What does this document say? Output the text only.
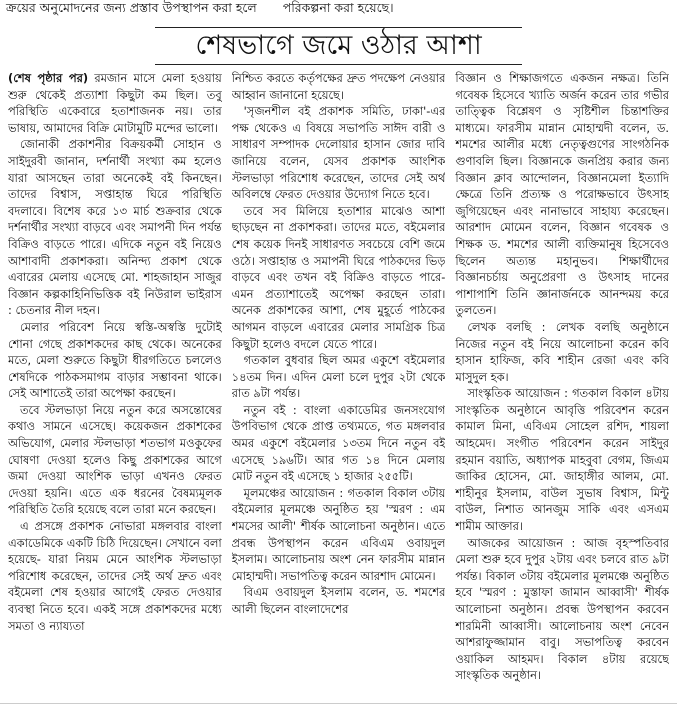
ক্রয়ের অনুমোদনের জন্য প্রস্তাব উপস্থাপন করা হলে পরিকল্পনা করা হয়েছে।
শেষভাগে জমে ওঠার আশা

(শেষ পৃষ্ঠার পর) রমজান মাসে মেলা হওয়ায় শুরু থেকেই প্রত্যাশা কিছুটা কম ছিল। তবু পরিস্থিতি একেবারে হতাশাজনক নয়। তার ভাষায়, আমাদের বিক্রি মোটামুটি মন্দের ভালো।

জোনাকী প্রকাশনীর বিক্রয়কর্মী সোহান ও সাইদুরবী জানান, দর্শনার্থী সংখ্যা কম হলেও যারা আসছেন তারা অনেকেই বই কিনছেন। তাদের বিশ্বাস, সপ্তাহান্ত ঘিরে পরিস্থিতি বদলাবে। বিশেষ করে ১৩ মার্চ শুক্রবার থেকে দর্শনার্থীর সংখ্যা বাড়বে এবং সমাপনী দিন পর্যন্ত বিক্রিও বাড়তে পারে। এদিকে নতুন বই নিয়েও আশাবাদী প্রকাশকরা। অনিন্দ্য প্রকাশ থেকে এবারের মেলায় এসেছে মো. শাহজাহান সাজুর বিজ্ঞান কল্পকাহিনিভিত্তিক বই নিউরাল ভাইরাস : চেতনার নীল দহন।

মেলার পরিবেশ নিয়ে স্বস্তি-অস্বস্তি দুটোই শোনা গেছে প্রকাশকদের কাছ থেকে। অনেকের মতে, মেলা শুরুতে কিছুটা ধীরগতিতে চললেও শেষদিকে পাঠকসমাগম বাড়ার সম্ভাবনা থাকে। সেই আশাতেই তারা অপেক্ষা করছেন।

তবে স্টলভাড়া নিয়ে নতুন করে অসন্তোষের কথাও সামনে এসেছে। কয়েকজন প্রকাশকের অভিযোগ, মেলার স্টলভাড়া শতভাগ মওকুফের ঘোষণা দেওয়া হলেও কিছু প্রকাশকের আগে জমা দেওয়া আংশিক ভাড়া এখনও ফেরত দেওয়া হয়নি। এতে এক ধরনের বৈষম্যমূলক পরিস্থিতি তৈরি হয়েছে বলে তারা মনে করছেন।

এ প্রসঙ্গে প্রকাশক নোভারা মঙ্গলবার বাংলা একাডেমিকে একটি চিঠি দিয়েছেন। সেখানে বলা হয়েছে- যারা নিয়ম মেনে আংশিক স্টলভাড়া পরিশোধ করেছেন, তাদের সেই অর্থ দ্রুত এবং বইমেলা শেষ হওয়ার আগেই ফেরত দেওয়ার ব্যবস্থা নিতে হবে। একই সঙ্গে প্রকাশকদের মধ্যে সমতা ও ন্যায্যতা

নিশ্চিত করতে কর্তৃপক্ষের দ্রুত পদক্ষেপ নেওয়ার আহ্বান জানানো হয়েছে।

'সৃজনশীল বই প্রকাশক সমিতি, ঢাকা'-এর পক্ষ থেকেও এ বিষয়ে সভাপতি সাঈদ বারী ও সাধারণ সম্পাদক দেলোয়ার হাসান জোর দাবি জানিয়ে বলেন, যেসব প্রকাশক আংশিক স্টলভাড়া পরিশোধ করেছেন, তাদের সেই অর্থ অবিলম্বে ফেরত দেওয়ার উদ্যোগ নিতে হবে।

তবে সব মিলিয়ে হতাশার মাঝেও আশা ছাড়ছেন না প্রকাশকরা। তাদের মতে, বইমেলার শেষ কয়েক দিনই সাধারণত সবচেয়ে বেশি জমে ওঠে। সপ্তাহান্ত ও সমাপনী ঘিরে পাঠকদের ভিড় বাড়বে এবং তখন বই বিক্রিও বাড়তে পারে- এমন প্রত্যাশাতেই অপেক্ষা করছেন তারা। অনেক প্রকাশকের আশা, শেষ মুহূর্তে পাঠকের আগমন বাড়লে এবারের মেলার সামগ্রিক চিত্র কিছুটা হলেও বদলে যেতে পারে।

গতকাল বুধবার ছিল অমর একুশে বইমেলার ১৪তম দিন। এদিন মেলা চলে দুপুর ২টা থেকে রাত ৯টা পর্যন্ত।

নতুন বই : বাংলা একাডেমির জনসংযোগ উপবিভাগ থেকে প্রাপ্ত তথ্যমতে, গত মঙ্গলবার অমর একুশে বইমেলার ১৩তম দিনে নতুন বই এসেছে ১৯৬টি। আর গত ১৪ দিনে মেলায় মোট নতুন বই এসেছে ১ হাজার ২৫৫টি।

মূলমঞ্চের আয়োজন : গতকাল বিকাল ৩টায় বইমেলার মূলমঞ্চে অনুষ্ঠিত হয় 'স্মরণ : এম শমসের আলী' শীর্ষক আলোচনা অনুষ্ঠান। এতে প্রবন্ধ উপস্থাপন করেন এবিএম ওবায়দুল ইসলাম। আলোচনায় অংশ নেন ফারসীম মান্নান মোহাম্মদী। সভাপতিত্ব করেন আরশাদ মোমেন।

বিএম ওবায়দুল ইসলাম বলেন, ড. শমশের আলী ছিলেন বাংলাদেশের

বিজ্ঞান ও শিক্ষাজগতে একজন নক্ষত্র। তিনি গবেষক হিসেবে খ্যাতি অর্জন করেন তার গভীর তাত্ত্বিক বিশ্লেষণ ও সৃষ্টিশীল চিন্তাশক্তির মাধ্যমে। ফারসীম মান্নান মোহাম্মদী বলেন, ড. শমশের আলীর মধ্যে নেতৃত্বগুণের সাংগঠনিক গুণাবলি ছিল। বিজ্ঞানকে জনপ্রিয় করার জন্য বিজ্ঞান ক্লাব আন্দোলন, বিজ্ঞানমেলা ইত্যাদি ক্ষেত্রে তিনি প্রত্যক্ষ ও পরোক্ষভাবে উৎসাহ জুগিয়েছেন এবং নানাভাবে সাহায্য করেছেন। আরশাদ মোমেন বলেন, বিজ্ঞান গবেষক ও শিক্ষক ড. শমশের আলী ব্যক্তিমানুষ হিসেবেও ছিলেন অত্যন্ত মহানুভব। শিক্ষার্থীদের বিজ্ঞানচর্চায় অনুপ্রেরণা ও উৎসাহ দানের পাশাপাশি তিনি জ্ঞানার্জনকে আনন্দময় করে তুলতেন।

লেখক বলছি : লেখক বলছি অনুষ্ঠানে নিজের নতুন বই নিয়ে আলোচনা করেন কবি হাসান হাফিজ, কবি শাহীন রেজা এবং কবি মাসুদুল হক।

সাংস্কৃতিক আয়োজন : গতকাল বিকাল ৪টায় সাংস্কৃতিক অনুষ্ঠানে আবৃত্তি পরিবেশন করেন কামাল মিনা, এবিএম সোহেল রশিদ, শায়লা আহমেদ। সংগীত পরিবেশন করেন সাইদুর রহমান বয়াতি, অধ্যাপক মাহবুবা বেগম, জিএম জাকির হোসেন, মো. জাহাঙ্গীর আলম, মো. শাহীনুর ইসলাম, বাউল সুভাষ বিশ্বাস, মিন্টু বাউল, নিশাত আনজুম সাকি এবং এসএম শামীম আক্তার।

আজকের আয়োজন : আজ বৃহস্পতিবার মেলা শুরু হবে দুপুর ২টায় এবং চলবে রাত ৯টা পর্যন্ত। বিকাল ৩টায় বইমেলার মূলমঞ্চে অনুষ্ঠিত হবে 'স্মরণ : মুস্তাফা জামান আব্বাসী' শীর্ষক আলোচনা অনুষ্ঠান। প্রবন্ধ উপস্থাপন করবেন শারমিনী আব্বাসী। আলোচনায় অংশ নেবেন আশরাফুজ্জামান বাবু। সভাপতিত্ব করবেন ওয়াকিল আহমদ। বিকাল ৪টায় রয়েছে সাংস্কৃতিক অনুষ্ঠান।
